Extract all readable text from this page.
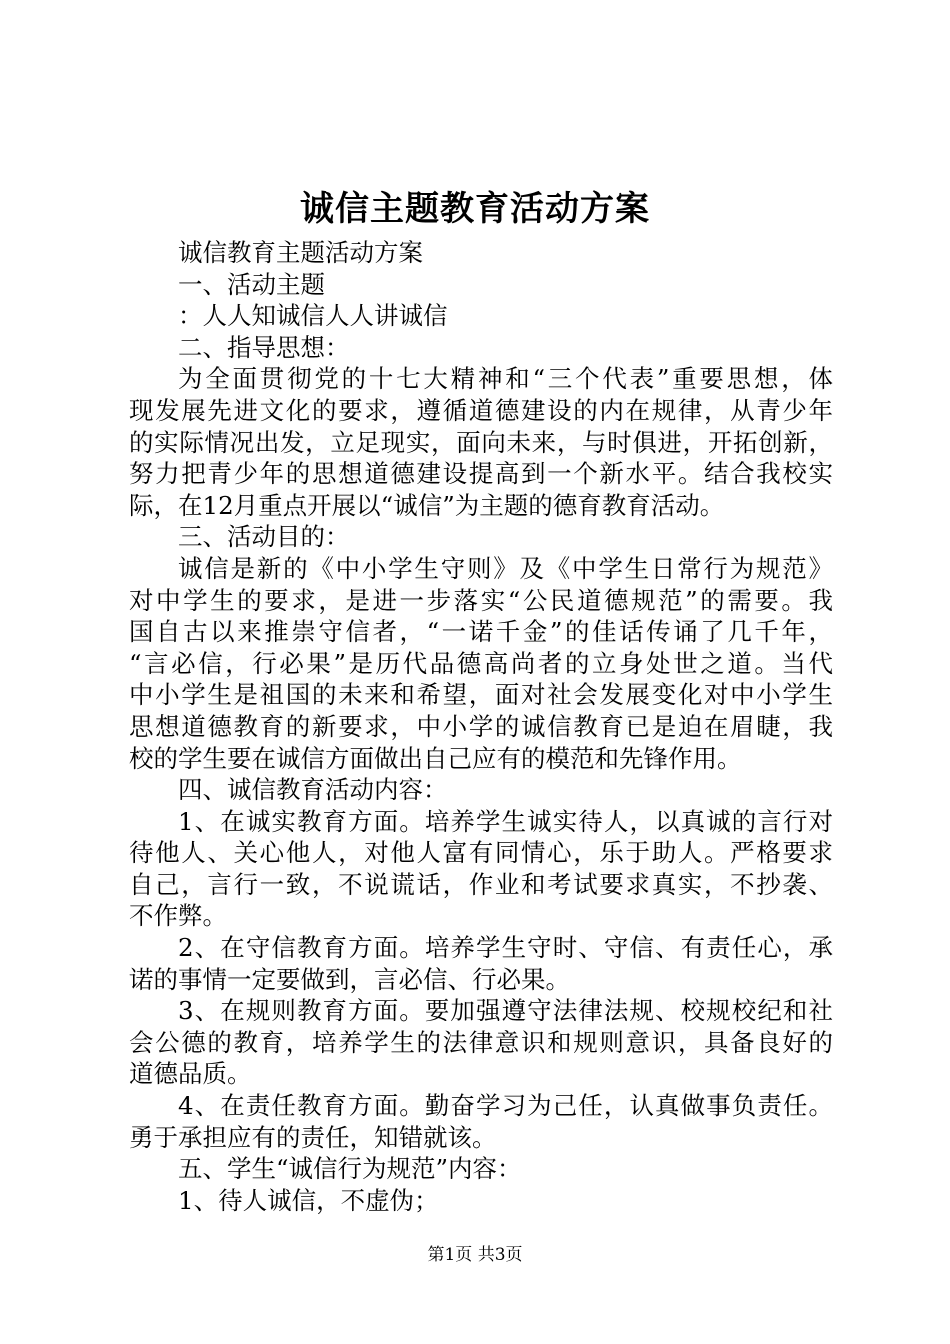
诚信主题教育活动方案
诚信教育主题活动方案
一、活动主题
：人人知诚信人人讲诚信
二、指导思想：
为全面贯彻党的十七大精神和“三个代表”重要思想，体
现发展先进文化的要求，遵循道德建设的内在规律，从青少年
的实际情况出发，立足现实，面向未来，与时俱进，开拓创新，
努力把青少年的思想道德建设提高到一个新水平。结合我校实
际，在12月重点开展以“诚信”为主题的德育教育活动。
三、活动目的：
诚信是新的《中小学生守则》及《中学生日常行为规范》
对中学生的要求，是进一步落实“公民道德规范”的需要。我
国自古以来推崇守信者，“一诺千金”的佳话传诵了几千年，
“言必信，行必果”是历代品德高尚者的立身处世之道。当代
中小学生是祖国的未来和希望，面对社会发展变化对中小学生
思想道德教育的新要求，中小学的诚信教育已是迫在眉睫，我
校的学生要在诚信方面做出自己应有的模范和先锋作用。
四、诚信教育活动内容：
1、在诚实教育方面。培养学生诚实待人，以真诚的言行对
待他人、关心他人，对他人富有同情心，乐于助人。严格要求
自己，言行一致，不说谎话，作业和考试要求真实，不抄袭、
不作弊。
2、在守信教育方面。培养学生守时、守信、有责任心，承
诺的事情一定要做到，言必信、行必果。
3、在规则教育方面。要加强遵守法律法规、校规校纪和社
会公德的教育，培养学生的法律意识和规则意识，具备良好的
道德品质。
4、在责任教育方面。勤奋学习为己任，认真做事负责任。
勇于承担应有的责任，知错就该。
五、学生“诚信行为规范”内容：
1、待人诚信，不虚伪；
第1页 共3页
